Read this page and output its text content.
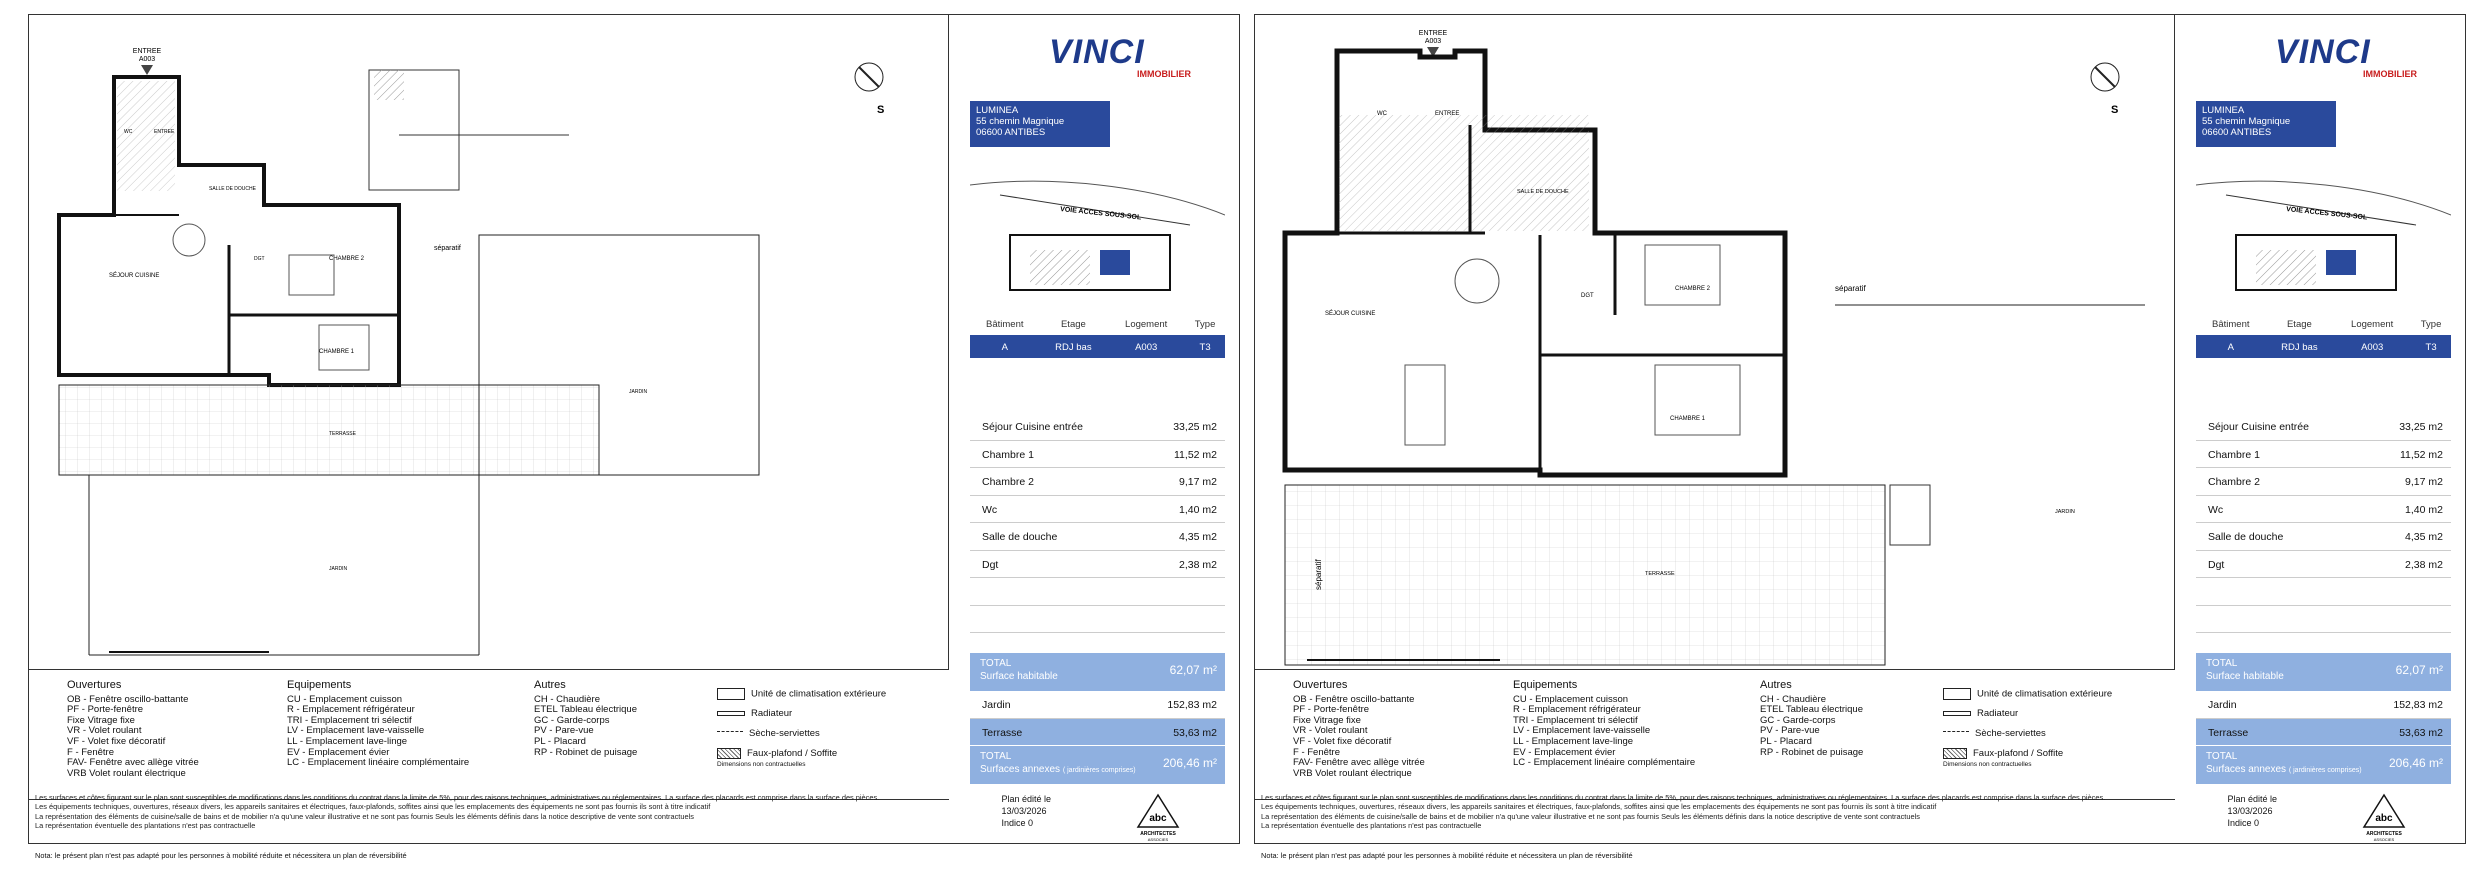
ENTREE
A003
S
SÉJOUR CUISINE
CHAMBRE 1
CHAMBRE 2
SALLE DE DOUCHE
WC	ENTREE
DGT
TERRASSE
JARDIN
JARDIN
séparatif
VINCI
IMMOBILIER
LUMINEA
55 chemin Magnique
06600 ANTIBES
VOIE ACCES SOUS-SOL
Bâtiment	Etage	Logement	Type
A	RDJ bas	A003	T3
Séjour Cuisine entrée	33,25 m2
Chambre 1	11,52 m2
Chambre 2	9,17 m2
Wc	1,40 m2
Salle de douche	4,35 m2
Dgt	2,38 m2
TOTAL
Surface habitable	62,07 m²
Jardin	152,83 m2
Terrasse	53,63 m2
TOTAL
Surfaces annexes ( jardinières comprises)
206,46 m²
Ouvertures
OB - Fenêtre oscillo-battante
PF - Porte-fenêtre
Fixe Vitrage fixe
VR - Volet roulant
VF - Volet fixe décoratif
F - Fenêtre
FAV- Fenêtre avec allège vitrée
VRB Volet roulant électrique
Equipements
CU - Emplacement cuisson
R - Emplacement réfrigérateur
TRI - Emplacement tri sélectif
LV - Emplacement lave-vaisselle
LL - Emplacement lave-linge
EV - Emplacement évier
LC - Emplacement linéaire complémentaire
Autres
CH - Chaudière
ETEL Tableau électrique
GC - Garde-corps
PV - Pare-vue
PL - Placard
RP - Robinet de puisage
Unité de climatisation extérieure
Radiateur
Sèche-serviettes
Faux-plafond / Soffite
Dimensions non contractuelles
Les surfaces et côtes figurant sur le plan sont susceptibles de modifications dans les conditions du contrat dans la limite de 5%, pour des raisons techniques, administratives ou réglementaires. La surface des placards est comprise dans la surface des pièces.
Les équipements techniques, ouvertures, réseaux divers, les appareils sanitaires et électriques, faux-plafonds, soffites ainsi que les emplacements des équipements ne sont pas fournis ils sont à titre indicatif
La représentation des éléments de cuisine/salle de bains et de mobilier n'a qu'une valeur illustrative et ne sont pas fournis Seuls les éléments définis dans la notice descriptive de vente sont contractuels
La représentation éventuelle des plantations n'est pas contractuelle
Nota: le présent plan n'est pas adapté pour les personnes à mobilité réduite et nécessitera un plan de réversibilité
Plan édité le
13/03/2026
Indice 0	abc
ARCHITECTES
ASSOCIES
ENTREE
A003
S
SÉJOUR CUISINE
CHAMBRE 1
CHAMBRE 2
SALLE DE DOUCHE
WC	ENTREE
DGT
TERRASSE
JARDIN
séparatif
séparatif
VINCI
IMMOBILIER
LUMINEA
55 chemin Magnique
06600 ANTIBES
VOIE ACCES SOUS-SOL
Bâtiment	Etage	Logement	Type
A	RDJ bas	A003	T3
Séjour Cuisine entrée	33,25 m2
Chambre 1	11,52 m2
Chambre 2	9,17 m2
Wc	1,40 m2
Salle de douche	4,35 m2
Dgt	2,38 m2
TOTAL
Surface habitable	62,07 m²
Jardin	152,83 m2
Terrasse	53,63 m2
TOTAL
Surfaces annexes ( jardinières comprises)
206,46 m²
Ouvertures
OB - Fenêtre oscillo-battante
PF - Porte-fenêtre
Fixe Vitrage fixe
VR - Volet roulant
VF - Volet fixe décoratif
F - Fenêtre
FAV- Fenêtre avec allège vitrée
VRB Volet roulant électrique
Equipements
CU - Emplacement cuisson
R - Emplacement réfrigérateur
TRI - Emplacement tri sélectif
LV - Emplacement lave-vaisselle
LL - Emplacement lave-linge
EV - Emplacement évier
LC - Emplacement linéaire complémentaire
Autres
CH - Chaudière
ETEL Tableau électrique
GC - Garde-corps
PV - Pare-vue
PL - Placard
RP - Robinet de puisage
Unité de climatisation extérieure
Radiateur
Sèche-serviettes
Faux-plafond / Soffite
Dimensions non contractuelles
Les surfaces et côtes figurant sur le plan sont susceptibles de modifications dans les conditions du contrat dans la limite de 5%, pour des raisons techniques, administratives ou réglementaires. La surface des placards est comprise dans la surface des pièces.
Les équipements techniques, ouvertures, réseaux divers, les appareils sanitaires et électriques, faux-plafonds, soffites ainsi que les emplacements des équipements ne sont pas fournis ils sont à titre indicatif
La représentation des éléments de cuisine/salle de bains et de mobilier n'a qu'une valeur illustrative et ne sont pas fournis Seuls les éléments définis dans la notice descriptive de vente sont contractuels
La représentation éventuelle des plantations n'est pas contractuelle
Nota: le présent plan n'est pas adapté pour les personnes à mobilité réduite et nécessitera un plan de réversibilité
Plan édité le
13/03/2026
Indice 0	abc
ARCHITECTES
ASSOCIES
